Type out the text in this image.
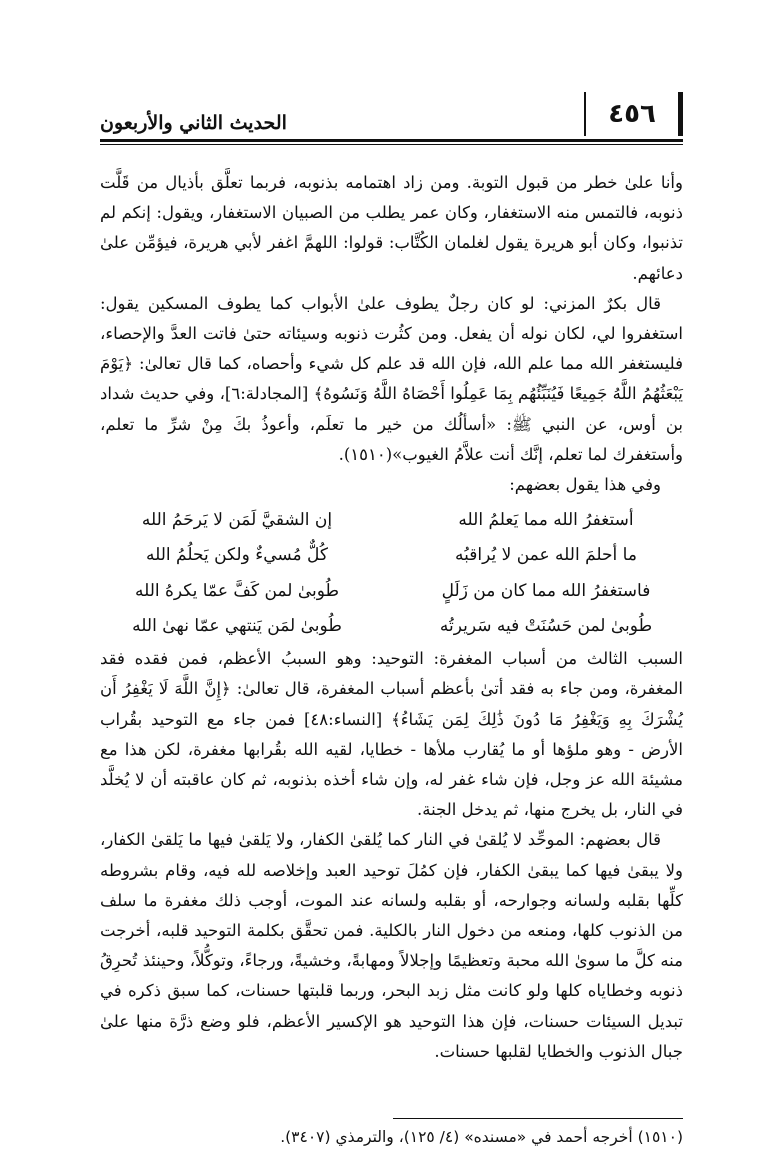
٤٥٦
الحديث الثاني والأربعون

وأنا علىٰ خطر من قبول التوبة. ومن زاد اهتمامه بذنوبه، فربما تعلَّق بأذيال من قَلَّت ذنوبه، فالتمس منه الاستغفار، وكان عمر يطلب من الصبيان الاستغفار، ويقول: إنكم لم تذنبوا، وكان أبو هريرة يقول لغلمان الكُتَّاب: قولوا: اللهمَّ اغفر لأبي هريرة، فيؤمِّن علىٰ دعائهم.

قال بكرٌ المزني: لو كان رجلٌ يطوف علىٰ الأبواب كما يطوف المسكين يقول: استغفروا لي، لكان نوله أن يفعل. ومن كثُرت ذنوبه وسيئاته حتىٰ فاتت العدَّ والإحصاء، فليستغفر الله مما علم الله، فإن الله قد علم كل شيء وأحصاه، كما قال تعالىٰ: ﴿يَوْمَ يَبْعَثُهُمُ اللَّهُ جَمِيعًا فَيُنَبِّئُهُم بِمَا عَمِلُوا أَحْصَاهُ اللَّهُ وَنَسُوهُ﴾ [المجادلة:٦]، وفي حديث شداد بن أوس، عن النبي ﷺ: «أسألُك من خير ما تعلَم، وأعوذُ بكَ مِنْ شرِّ ما تعلم، وأستغفرك لما تعلم، إنَّك أنت علاَّمُ الغيوب»(١٥١٠).

وفي هذا يقول بعضهم:

أستغفرُ الله مما يَعلمُ الله
إن الشقيَّ لَمَن لا يَرحَمُ الله
ما أحلمَ الله عمن لا يُراقبُه
كُلٌّ مُسيءٌ ولكن يَحلُمُ الله
فاستغفرُ الله مما كان من زَلَلٍ
طُوبىٰ لمن كَفَّ عمّا يكرهُ الله
طُوبىٰ لمن حَسُنَتْ فيه سَريرتُه
طُوبىٰ لمَن يَنتهي عمّا نهىٰ الله

السبب الثالث من أسباب المغفرة: التوحيد: وهو السببُ الأعظم، فمن فقده فقد المغفرة، ومن جاء به فقد أتىٰ بأعظم أسباب المغفرة، قال تعالىٰ: ﴿إِنَّ اللَّهَ لَا يَغْفِرُ أَن يُشْرَكَ بِهِ وَيَغْفِرُ مَا دُونَ ذَٰلِكَ لِمَن يَشَاءُ﴾ [النساء:٤٨] فمن جاء مع التوحيد بقُراب الأرض - وهو ملؤها أو ما يُقارب ملأها - خطايا، لقيه الله بقُرابها مغفرة، لكن هذا مع مشيئة الله عز وجل، فإن شاء غفر له، وإن شاء أخذه بذنوبه، ثم كان عاقبته أن لا يُخلَّد في النار، بل يخرج منها، ثم يدخل الجنة.

قال بعضهم: الموحِّد لا يُلقىٰ في النار كما يُلقىٰ الكفار، ولا يَلقىٰ فيها ما يَلقىٰ الكفار، ولا يبقىٰ فيها كما يبقىٰ الكفار، فإن كمُلَ توحيد العبد وإخلاصه لله فيه، وقام بشروطه كلِّها بقلبه ولسانه وجوارحه، أو بقلبه ولسانه عند الموت، أوجب ذلك مغفرة ما سلف من الذنوب كلها، ومنعه من دخول النار بالكلية. فمن تحقَّق بكلمة التوحيد قلبه، أخرجت منه كلَّ ما سوىٰ الله محبة وتعظيمًا وإجلالاً ومهابةً، وخشيةً، ورجاءً، وتوكُّلاً، وحينئذ تُحرِقُ ذنوبه وخطاياه كلها ولو كانت مثل زبد البحر، وربما قلبتها حسنات، كما سبق ذكره في تبديل السيئات حسنات، فإن هذا التوحيد هو الإكسير الأعظم، فلو وضع ذرَّة منها علىٰ جبال الذنوب والخطايا لقلبها حسنات.

(١٥١٠) أخرجه أحمد في «مسنده» (٤/ ١٢٥)، والترمذي (٣٤٠٧).
